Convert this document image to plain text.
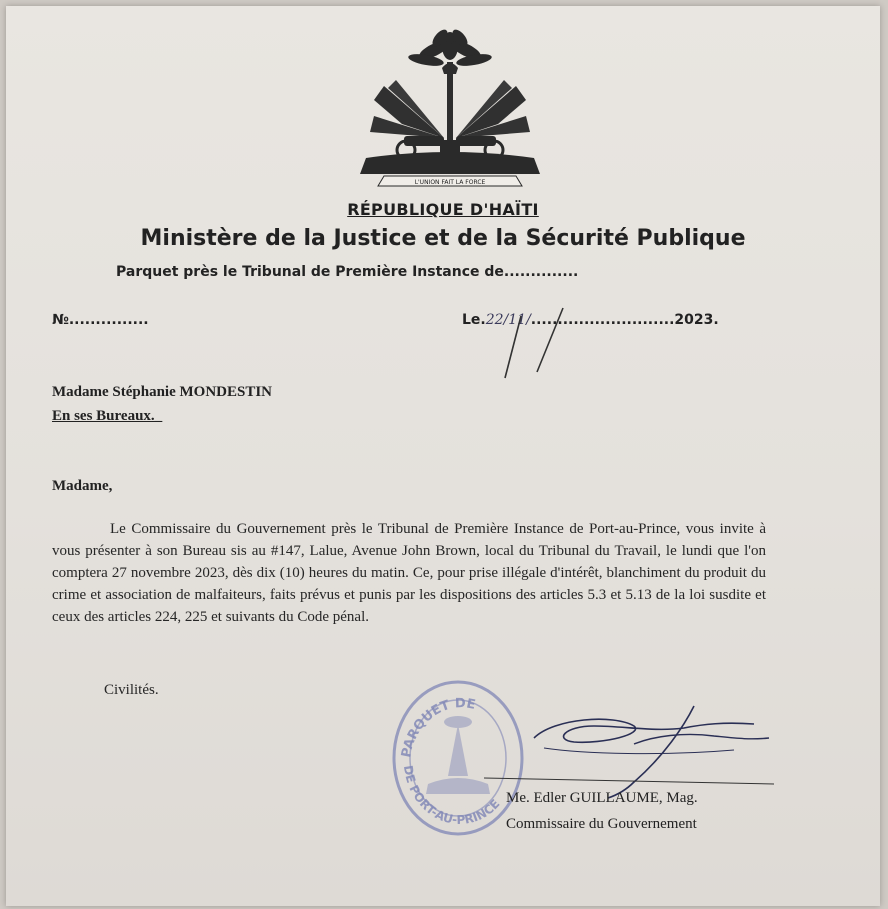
L'UNION FAIT LA FORCE
RÉPUBLIQUE D'HAÏTI
Ministère de la Justice et de la Sécurité Publique
Parquet près le Tribunal de Première Instance de..............
№...............	Le.22/11/...........................2023.
Madame Stéphanie MONDESTIN
En ses Bureaux._
Madame,
Le Commissaire du Gouvernement près le Tribunal de Première Instance de Port-au-Prince, vous invite à vous présenter à son Bureau sis au #147, Lalue, Avenue John Brown, local du Tribunal du Travail, le lundi que l'on comptera 27 novembre 2023, dès dix (10) heures du matin. Ce, pour prise illégale d'intérêt, blanchiment du produit du crime et association de malfaiteurs, faits prévus et punis par les dispositions des articles 5.3 et 5.13 de la loi susdite et ceux des articles 224, 225 et suivants du Code pénal.
Civilités.
PARQUET DE
DE PORT-AU-PRINCE Me. Edler GUILLAUME, Mag.
Commissaire du Gouvernement
